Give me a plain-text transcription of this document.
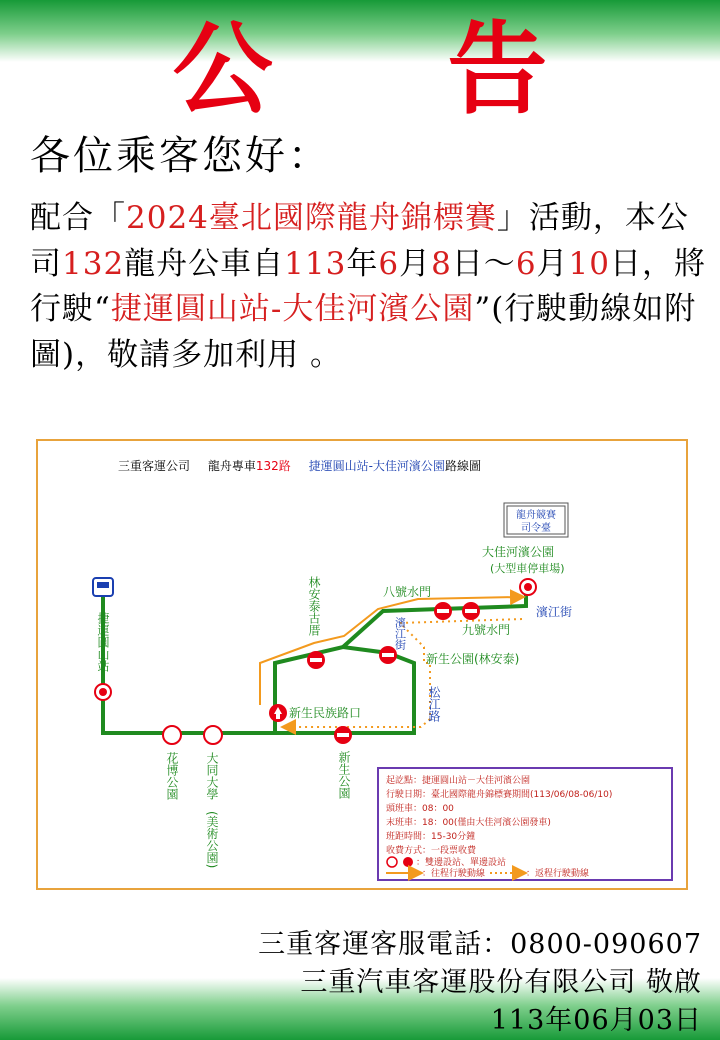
公 告
各位乘客您好：
配合「2024臺北國際龍舟錦標賽」活動，本公司132龍舟公車自113年6月8日～6月10日，將行駛“捷運圓山站-大佳河濱公園”(行駛動線如附圖)，敬請多加利用 。
三重客運公司 龍舟專車132路 捷運圓山站-大佳河濱公園路線圖
龍舟競賽
司令臺
捷運圓山站
花博公園 大同大學
(美術公園)
新生公園
林安泰古厝
松江路
濱江街
新生民族路口
新生公園(林安泰)
八號水門
九號水門
大佳河濱公園
(大型車停車場)
濱江街
起訖點：捷運圓山站－大佳河濱公園
行駛日期：臺北國際龍舟錦標賽期間(113/06/08-06/10)
頭班車：08：00
末班車：18：00(僅由大佳河濱公園發車)
班距時間：15-30分鐘
收費方式：一段票收費
：雙邊設站、單邊設站
：往程行駛動線	：返程行駛動線
三重客運客服電話：0800-090607
三重汽車客運股份有限公司 敬啟
113年06月03日
